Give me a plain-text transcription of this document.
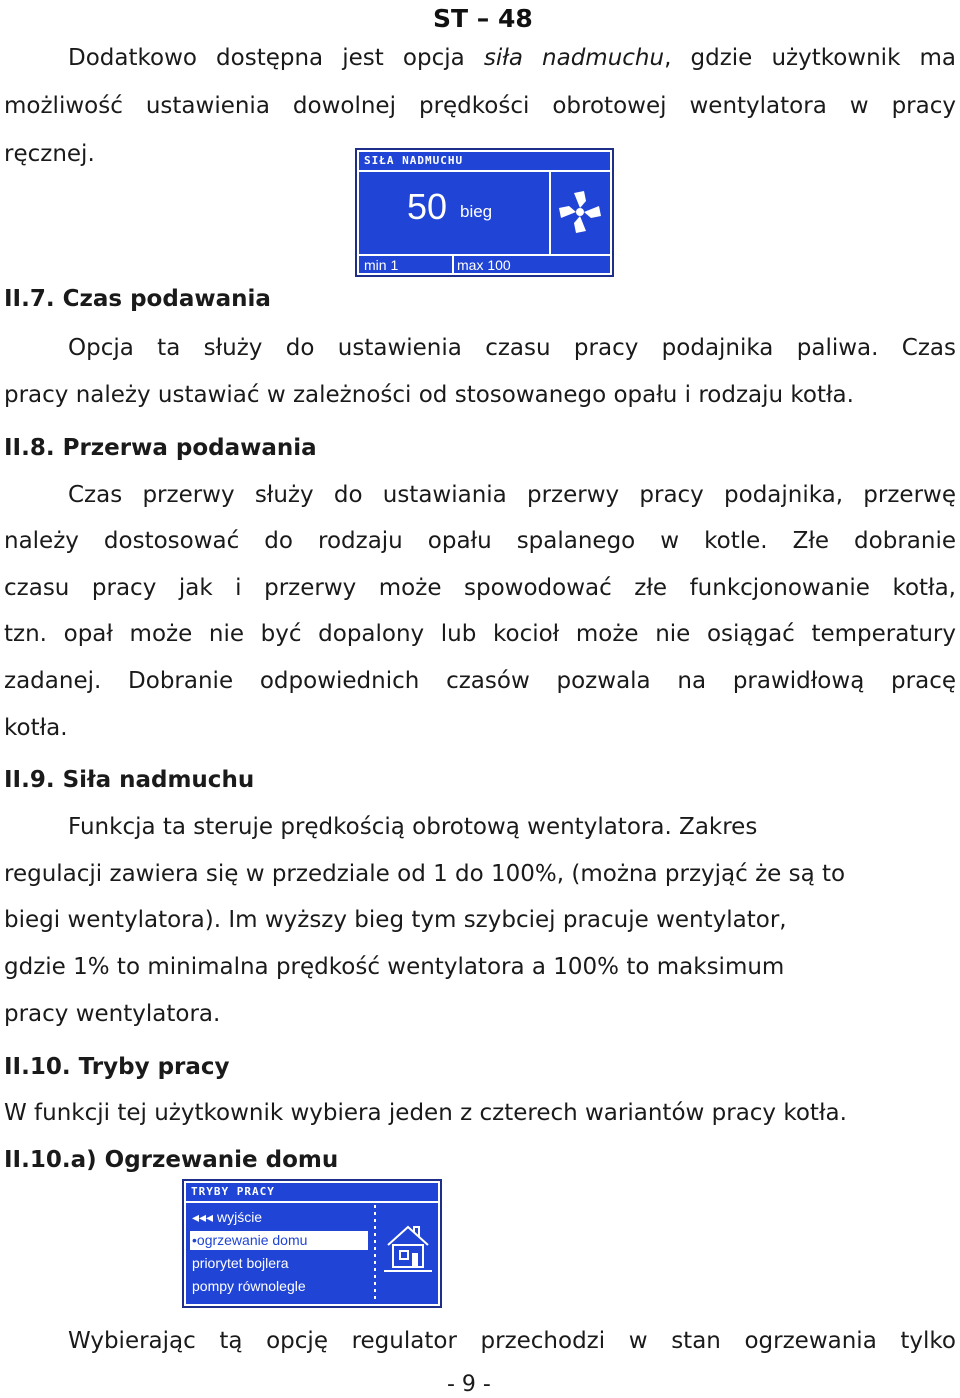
ST – 48
Dodatkowo dostępna jest opcja siła nadmuchu, gdzie użytkownik ma
możliwość ustawienia dowolnej prędkości obrotowej wentylatora w pracy
ręcznej.	SIŁA NADMUCHU
50 bieg
min 1	max 100
II.7. Czas podawania
Opcja ta służy do ustawienia czasu pracy podajnika paliwa. Czas
pracy należy ustawiać w zależności od stosowanego opału i rodzaju kotła.
II.8. Przerwa podawania
Czas przerwy służy do ustawiania przerwy pracy podajnika, przerwę
należy dostosować do rodzaju opału spalanego w kotle. Złe dobranie
czasu pracy jak i przerwy może spowodować złe funkcjonowanie kotła,
tzn. opał może nie być dopalony lub kocioł może nie osiągać temperatury
zadanej. Dobranie odpowiednich czasów pozwala na prawidłową pracę
kotła.
II.9. Siła nadmuchu
Funkcja ta steruje prędkością obrotową wentylatora. Zakres
regulacji zawiera się w przedziale od 1 do 100%, (można przyjąć że są to
biegi wentylatora). Im wyższy bieg tym szybciej pracuje wentylator,
gdzie 1% to minimalna prędkość wentylatora a 100% to maksimum
pracy wentylatora.
II.10. Tryby pracy
W funkcji tej użytkownik wybiera jeden z czterech wariantów pracy kotła.
II.10.a) Ogrzewanie domu
TRYBY PRACY
◂◂◂ wyjście
•ogrzewanie domu
priorytet bojlera
pompy równolegle
Wybierając tą opcję regulator przechodzi w stan ogrzewania tylko
- 9 -
